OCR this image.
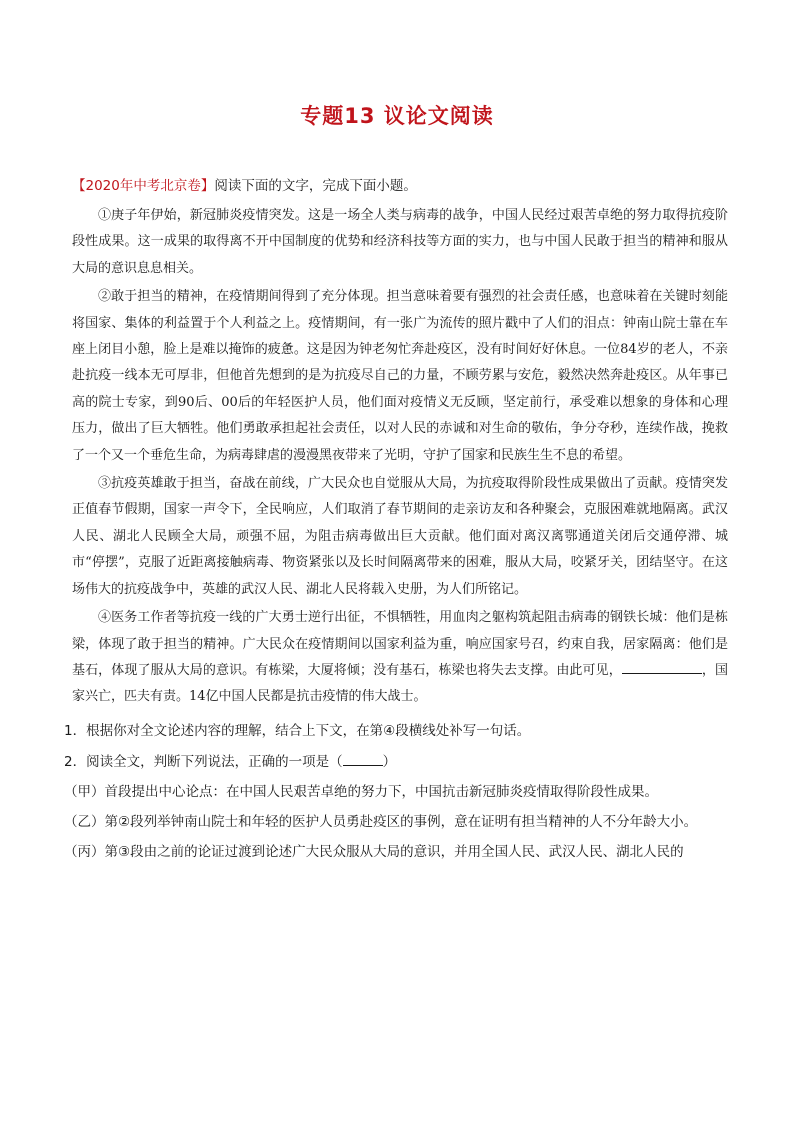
专题13 议论文阅读

【2020年中考北京卷】阅读下面的文字，完成下面小题。

①庚子年伊始，新冠肺炎疫情突发。这是一场全人类与病毒的战争，中国人民经过艰苦卓绝的努力取得抗疫阶段性成果。这一成果的取得离不开中国制度的优势和经济科技等方面的实力，也与中国人民敢于担当的精神和服从大局的意识息息相关。

②敢于担当的精神，在疫情期间得到了充分体现。担当意味着要有强烈的社会责任感，也意味着在关键时刻能将国家、集体的利益置于个人利益之上。疫情期间，有一张广为流传的照片戳中了人们的泪点：钟南山院士靠在车座上闭目小憩，脸上是难以掩饰的疲惫。这是因为钟老匆忙奔赴疫区，没有时间好好休息。一位84岁的老人，不亲赴抗疫一线本无可厚非，但他首先想到的是为抗疫尽自己的力量，不顾劳累与安危，毅然决然奔赴疫区。从年事已高的院士专家，到90后、00后的年轻医护人员，他们面对疫情义无反顾，坚定前行，承受难以想象的身体和心理压力，做出了巨大牺牲。他们勇敢承担起社会责任，以对人民的赤诚和对生命的敬佑，争分夺秒，连续作战，挽救了一个又一个垂危生命，为病毒肆虐的漫漫黑夜带来了光明，守护了国家和民族生生不息的希望。

③抗疫英雄敢于担当，奋战在前线，广大民众也自觉服从大局，为抗疫取得阶段性成果做出了贡献。疫情突发正值春节假期，国家一声令下，全民响应，人们取消了春节期间的走亲访友和各种聚会，克服困难就地隔离。武汉人民、湖北人民顾全大局，顽强不屈，为阻击病毒做出巨大贡献。他们面对离汉离鄂通道关闭后交通停滞、城市“停摆”，克服了近距离接触病毒、物资紧张以及长时间隔离带来的困难，服从大局，咬紧牙关，团结坚守。在这场伟大的抗疫战争中，英雄的武汉人民、湖北人民将载入史册，为人们所铭记。

④医务工作者等抗疫一线的广大勇士逆行出征，不惧牺牲，用血肉之躯构筑起阻击病毒的钢铁长城：他们是栋梁，体现了敢于担当的精神。广大民众在疫情期间以国家利益为重，响应国家号召，约束自我，居家隔离：他们是基石，体现了服从大局的意识。有栋梁，大厦将倾；没有基石，栋梁也将失去支撑。由此可见，	，国家兴亡，匹夫有责。14亿中国人民都是抗击疫情的伟大战士。

1．根据你对全文论述内容的理解，结合上下文，在第④段横线处补写一句话。

2．阅读全文，判断下列说法，正确的一项是（	）

（甲）首段提出中心论点：在中国人民艰苦卓绝的努力下，中国抗击新冠肺炎疫情取得阶段性成果。

（乙）第②段列举钟南山院士和年轻的医护人员勇赴疫区的事例，意在证明有担当精神的人不分年龄大小。

（丙）第③段由之前的论证过渡到论述广大民众服从大局的意识，并用全国人民、武汉人民、湖北人民的
